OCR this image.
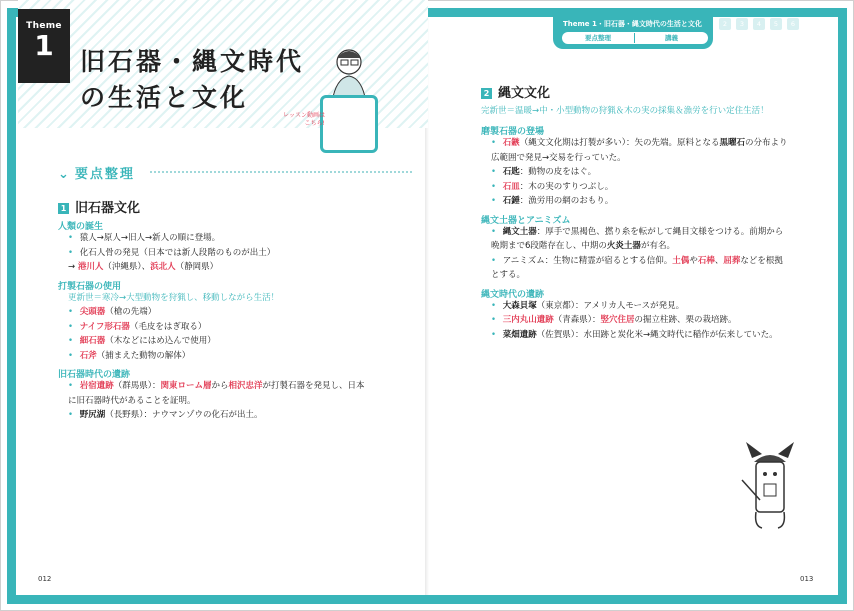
Theme
1	旧石器・縄文時代
の生活と文化
レッスン動画は
こちら!
⌄ 要点整理
1 旧石器文化
人類の誕生
• 猿人→原人→旧人→新人の順に登場。
• 化石人骨の発見（日本では新人段階のものが出土）
→ 港川人（沖縄県）、浜北人（静岡県）
打製石器の使用
更新世＝寒冷→大型動物を狩猟し、移動しながら生活！
• 尖頭器（槍の先端）
• ナイフ形石器（毛皮をはぎ取る）
• 細石器（木などにはめ込んで使用）
• 石斧（捕まえた動物の解体）
旧石器時代の遺跡
• 岩宿遺跡（群馬県）：関東ローム層から相沢忠洋が打製石器を発見し、日本
に旧石器時代があることを証明。
• 野尻湖（長野県）：ナウマンゾウの化石が出土。
Theme 1・旧石器・縄文時代の生活と文化
要点整理	講義
2	3	4	5	6
2 縄文文化
完新世＝温暖→中・小型動物の狩猟＆木の実の採集＆漁労を行い定住生活！
磨製石器の登場
• 石鏃（縄文文化期は打製が多い）：矢の先端。原料となる黒曜石の分布より
広範囲で発見→交易を行っていた。
• 石匙：動物の皮をはぐ。
• 石皿：木の実のすりつぶし。
• 石錘：漁労用の網のおもり。
縄文土器とアニミズム
• 縄文土器：厚手で黒褐色、撚り糸を転がして縄目文様をつける。前期から
晩期まで6段階存在し、中期の火炎土器が有名。
• アニミズム：生物に精霊が宿るとする信仰。土偶や石棒、屈葬などを根拠
とする。
縄文時代の遺跡
• 大森貝塚（東京都）：アメリカ人モースが発見。
• 三内丸山遺跡（青森県）：竪穴住居の掘立柱跡、栗の栽培跡。
• 菜畑遺跡（佐賀県）：水田跡と炭化米→縄文時代に稲作が伝来していた。
012	013
